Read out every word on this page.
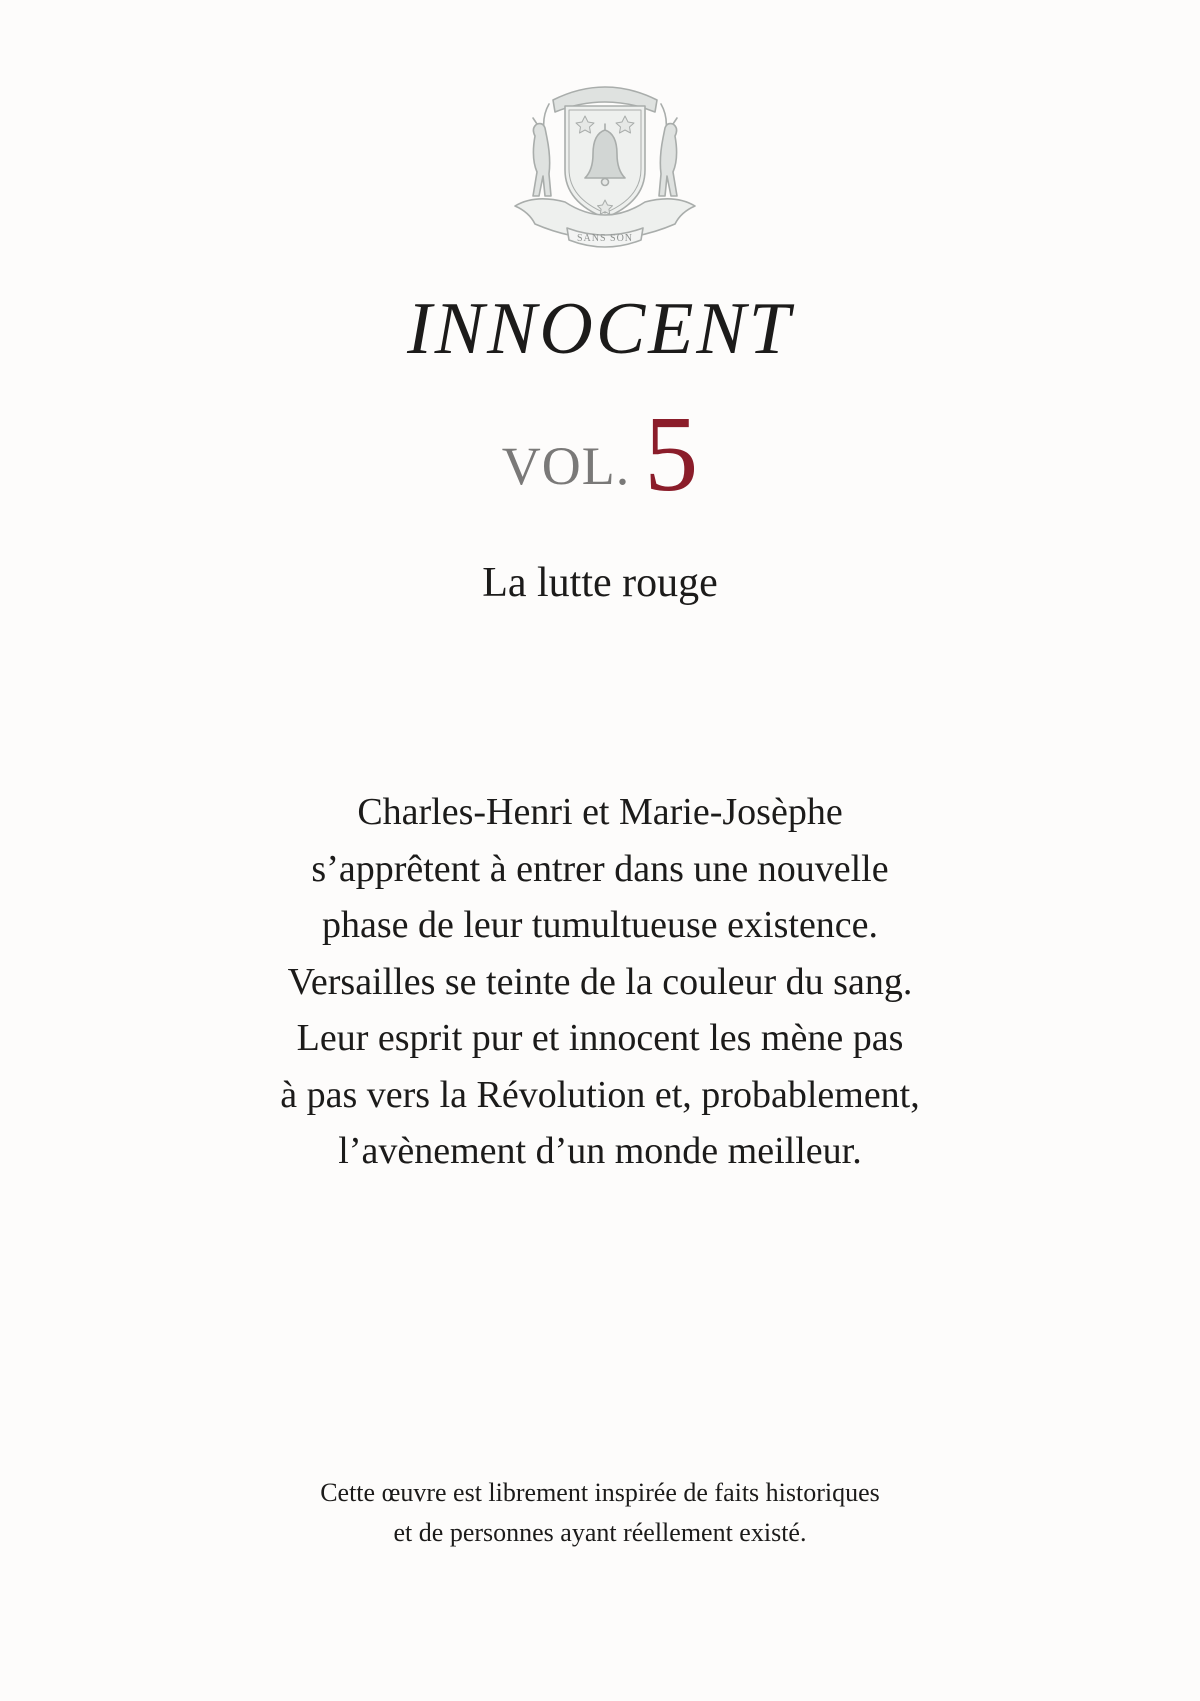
SANS SON
INNOCENT
VOL. 5
La lutte rouge
Charles-Henri et Marie-Josèphe
s’apprêtent à entrer dans une nouvelle
phase de leur tumultueuse existence.
Versailles se teinte de la couleur du sang.
Leur esprit pur et innocent les mène pas
à pas vers la Révolution et, probablement,
l’avènement d’un monde meilleur.
Cette œuvre est librement inspirée de faits historiques
et de personnes ayant réellement existé.
